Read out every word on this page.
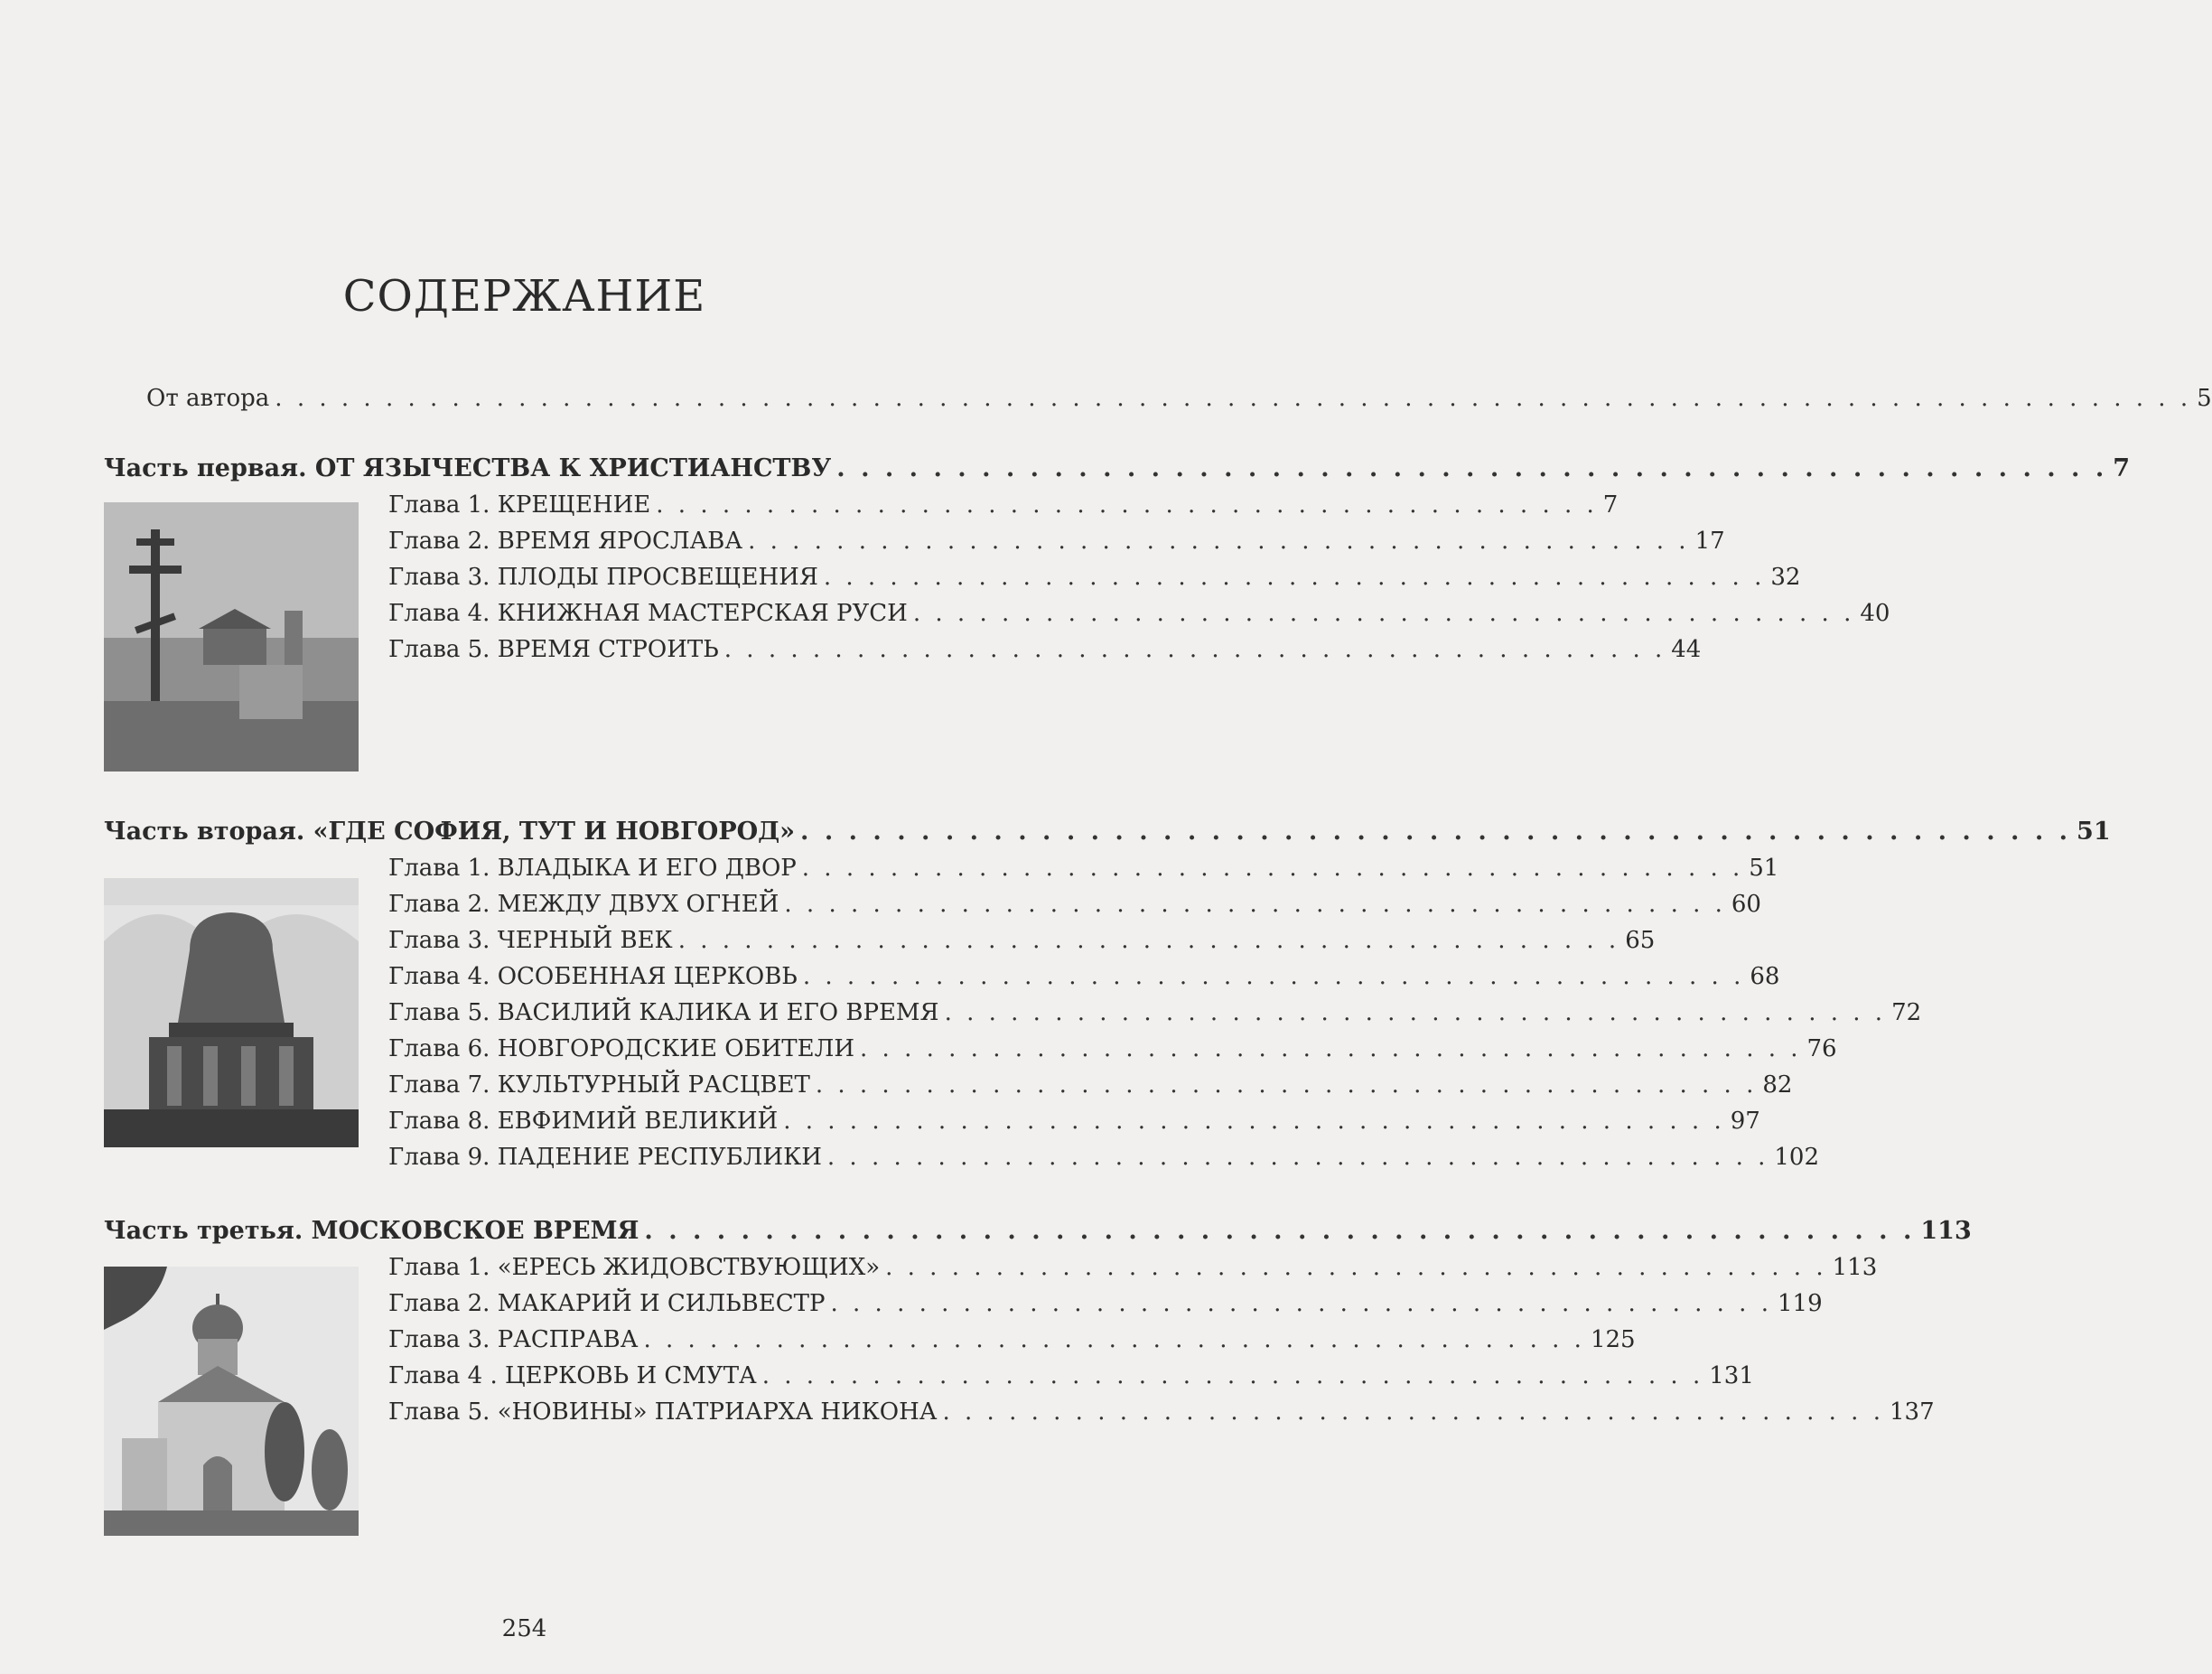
СОДЕРЖАНИЕ
От автора . . . . . . . . . . . . . . . . . . . . . . . . . . . . . . . . . . . . . . . . . . . . . . . . . . . . . . . . . . . . . . . . . . . . . . . . . . . . . . . . . . . . . . . 5
Часть первая. ОТ ЯЗЫЧЕСТВА К ХРИСТИАНСТВУ . . . . . . . . . . . . . . . . . . . . . . . . . . . . . . . . . . . . . . . . . . . . . . . . . . . . . 7
Глава 1. КРЕЩЕНИЕ . . . . . . . . . . . . . . . . . . . . . . . . . . . . . . . . . . . . . . . . . . . 7
Глава 2. ВРЕМЯ ЯРОСЛАВА . . . . . . . . . . . . . . . . . . . . . . . . . . . . . . . . . . . . . . . . . . . 17
Глава 3. ПЛОДЫ ПРОСВЕЩЕНИЯ . . . . . . . . . . . . . . . . . . . . . . . . . . . . . . . . . . . . . . . . . . . 32
Глава 4. КНИЖНАЯ МАСТЕРСКАЯ РУСИ . . . . . . . . . . . . . . . . . . . . . . . . . . . . . . . . . . . . . . . . . . . 40
Глава 5. ВРЕМЯ СТРОИТЬ . . . . . . . . . . . . . . . . . . . . . . . . . . . . . . . . . . . . . . . . . . . 44
Часть вторая. «ГДЕ СОФИЯ, ТУТ И НОВГОРОД» . . . . . . . . . . . . . . . . . . . . . . . . . . . . . . . . . . . . . . . . . . . . . . . . . . . . . 51
Глава 1. ВЛАДЫКА И ЕГО ДВОР . . . . . . . . . . . . . . . . . . . . . . . . . . . . . . . . . . . . . . . . . . . 51
Глава 2. МЕЖДУ ДВУХ ОГНЕЙ . . . . . . . . . . . . . . . . . . . . . . . . . . . . . . . . . . . . . . . . . . . 60
Глава 3. ЧЕРНЫЙ ВЕК . . . . . . . . . . . . . . . . . . . . . . . . . . . . . . . . . . . . . . . . . . . 65
Глава 4. ОСОБЕННАЯ ЦЕРКОВЬ . . . . . . . . . . . . . . . . . . . . . . . . . . . . . . . . . . . . . . . . . . . 68
Глава 5. ВАСИЛИЙ КАЛИКА И ЕГО ВРЕМЯ . . . . . . . . . . . . . . . . . . . . . . . . . . . . . . . . . . . . . . . . . . . 72
Глава 6. НОВГОРОДСКИЕ ОБИТЕЛИ . . . . . . . . . . . . . . . . . . . . . . . . . . . . . . . . . . . . . . . . . . . 76
Глава 7. КУЛЬТУРНЫЙ РАСЦВЕТ . . . . . . . . . . . . . . . . . . . . . . . . . . . . . . . . . . . . . . . . . . . 82
Глава 8. ЕВФИМИЙ ВЕЛИКИЙ . . . . . . . . . . . . . . . . . . . . . . . . . . . . . . . . . . . . . . . . . . . 97
Глава 9. ПАДЕНИЕ РЕСПУБЛИКИ . . . . . . . . . . . . . . . . . . . . . . . . . . . . . . . . . . . . . . . . . . . 102
Часть третья. МОСКОВСКОЕ ВРЕМЯ . . . . . . . . . . . . . . . . . . . . . . . . . . . . . . . . . . . . . . . . . . . . . . . . . . . . . 113
Глава 1. «ЕРЕСЬ ЖИДОВСТВУЮЩИХ» . . . . . . . . . . . . . . . . . . . . . . . . . . . . . . . . . . . . . . . . . . . 113
Глава 2. МАКАРИЙ И СИЛЬВЕСТР . . . . . . . . . . . . . . . . . . . . . . . . . . . . . . . . . . . . . . . . . . . 119
Глава 3. РАСПРАВА . . . . . . . . . . . . . . . . . . . . . . . . . . . . . . . . . . . . . . . . . . . 125
Глава 4 . ЦЕРКОВЬ И СМУТА . . . . . . . . . . . . . . . . . . . . . . . . . . . . . . . . . . . . . . . . . . . 131
Глава 5. «НОВИНЫ» ПАТРИАРХА НИКОНА . . . . . . . . . . . . . . . . . . . . . . . . . . . . . . . . . . . . . . . . . . . 137
254
